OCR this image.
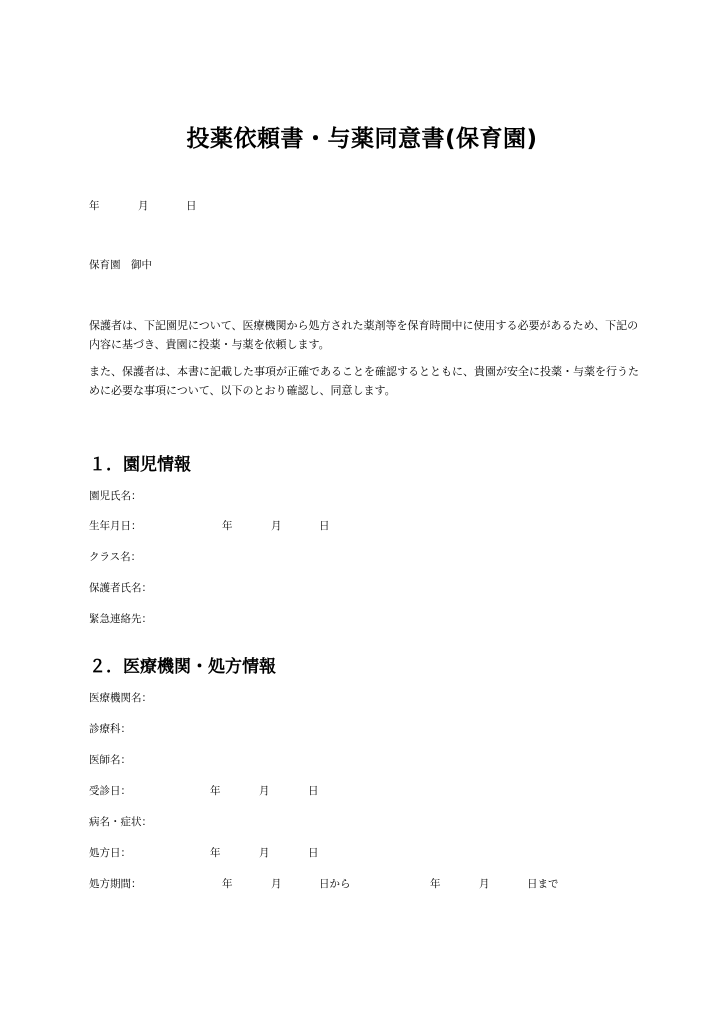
投薬依頼書・与薬同意書(保育園)
年	月	日
保育園　御中
保護者は、下記園児について、医療機関から処方された薬剤等を保育時間中に使用する必要があるため、下記の内容に基づき、貴園に投薬・与薬を依頼します。
また、保護者は、本書に記載した事項が正確であることを確認するとともに、貴園が安全に投薬・与薬を行うために必要な事項について、以下のとおり確認し、同意します。
１．園児情報
園児氏名：
生年月日：	年	月	日
クラス名：
保護者氏名：
緊急連絡先：
２．医療機関・処方情報
医療機関名：
診療科：
医師名：
受診日：	年	月	日
病名・症状：
処方日：	年	月	日
処方期間：	年	月	日から	年	月	日まで
